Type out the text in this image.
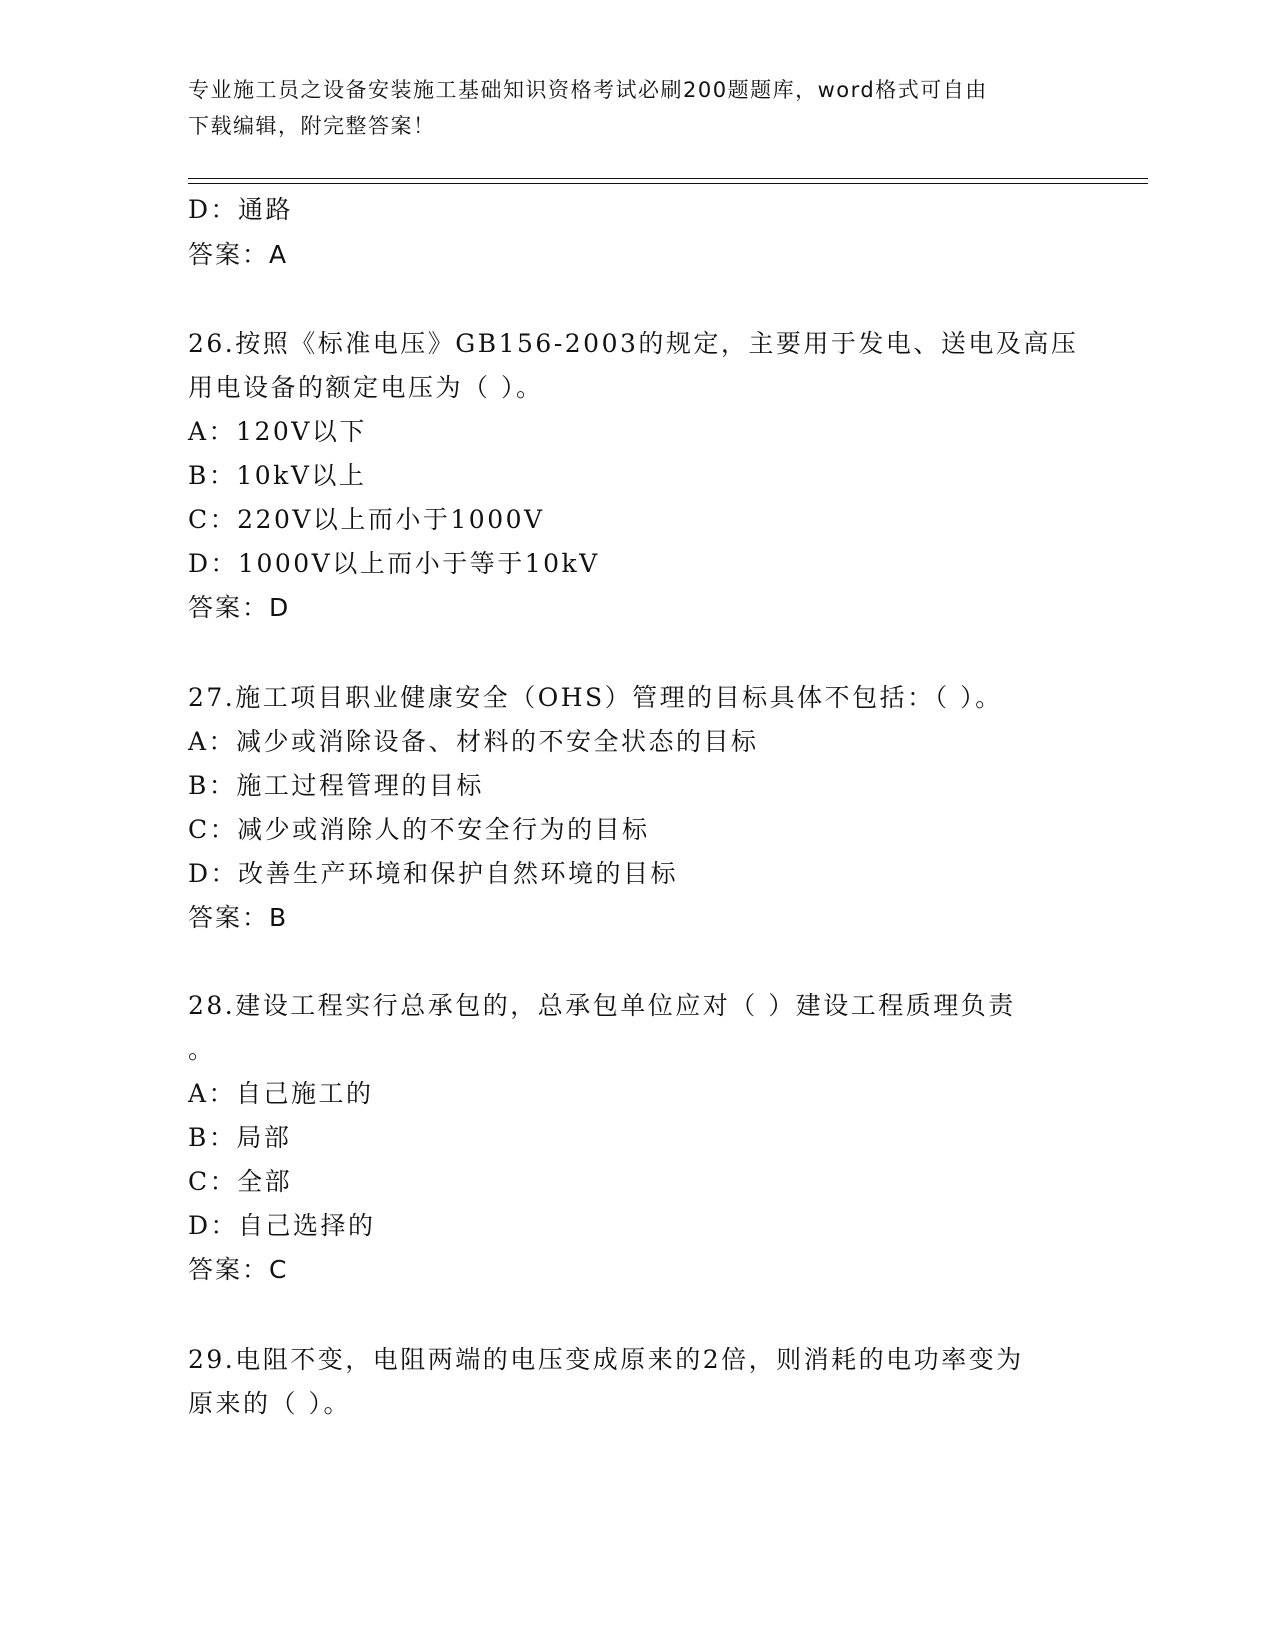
专业施工员之设备安装施工基础知识资格考试必刷200题题库，word格式可自由
下载编辑，附完整答案！
D：通路
答案：A
26.按照《标准电压》GB156-2003的规定，主要用于发电、送电及高压
用电设备的额定电压为（ ）。
A：120V以下
B：10kV以上
C：220V以上而小于1000V
D：1000V以上而小于等于10kV
答案：D
27.施工项目职业健康安全（OHS）管理的目标具体不包括：（ ）。
A：减少或消除设备、材料的不安全状态的目标
B：施工过程管理的目标
C：减少或消除人的不安全行为的目标
D：改善生产环境和保护自然环境的目标
答案：B
28.建设工程实行总承包的，总承包单位应对（ ）建设工程质理负责
。
A：自己施工的
B：局部
C：全部
D：自己选择的
答案：C
29.电阻不变，电阻两端的电压变成原来的2倍，则消耗的电功率变为
原来的（ ）。
